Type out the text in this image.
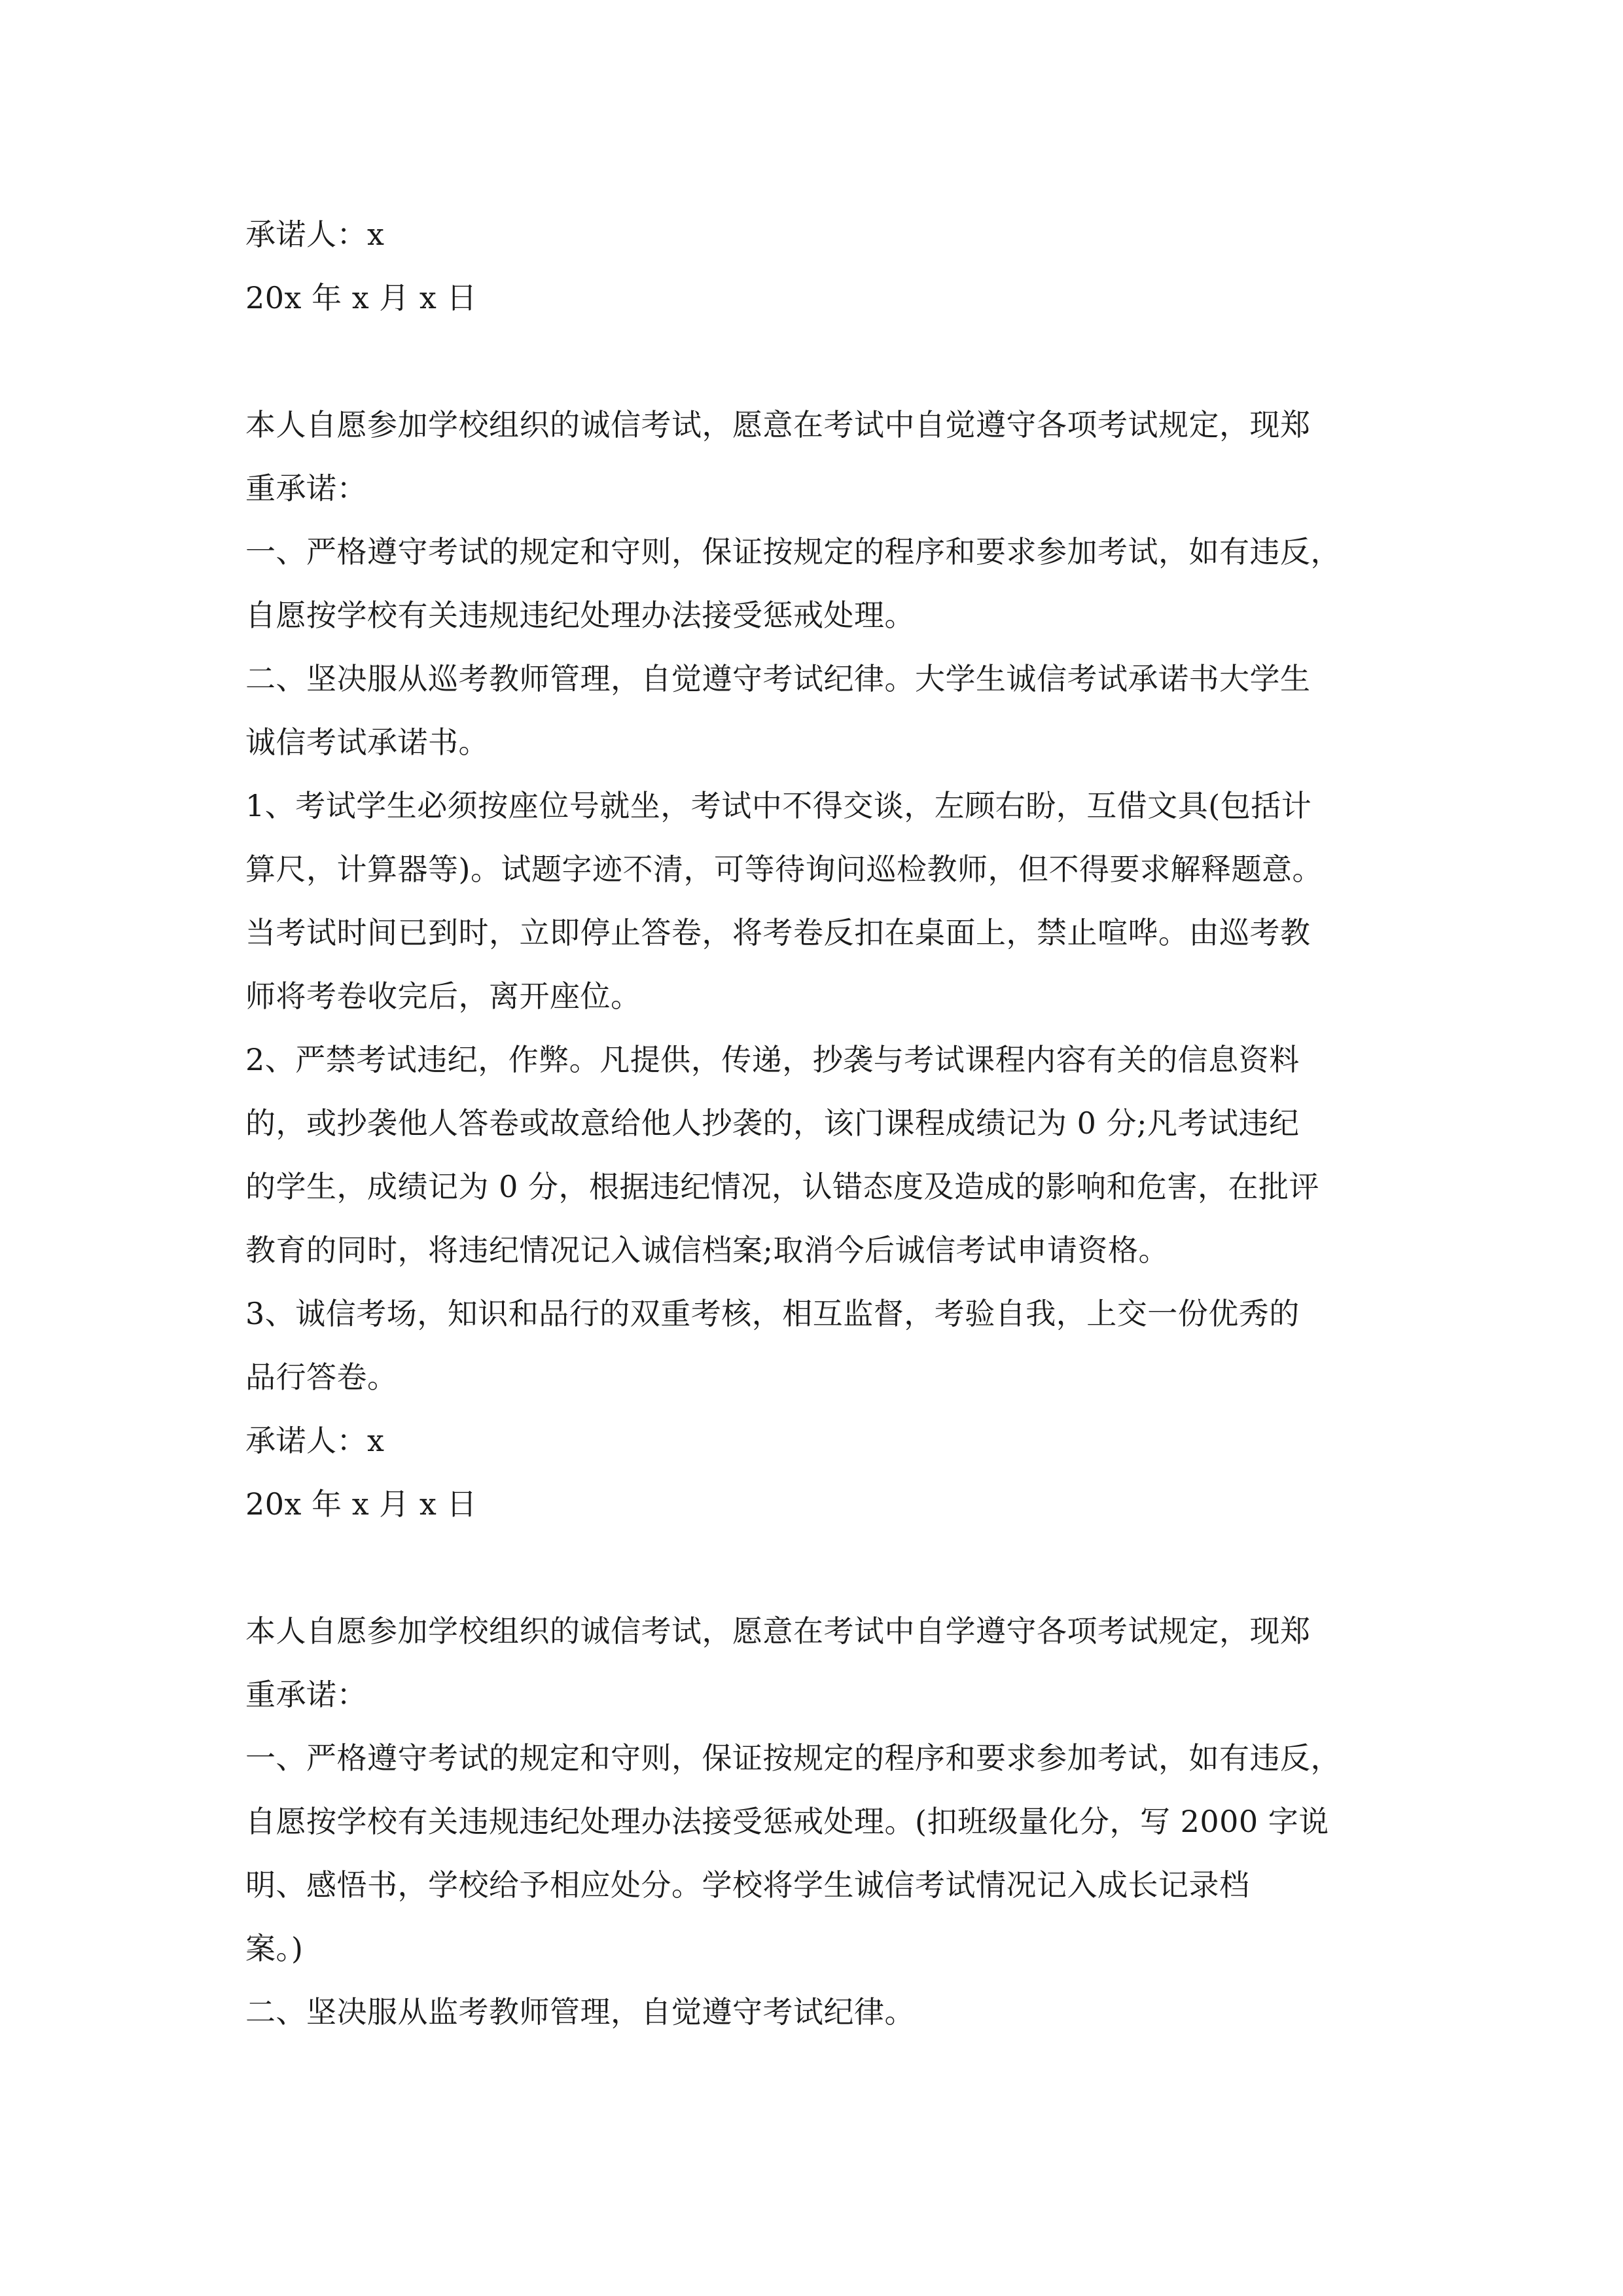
承诺人：x
20x 年 x 月 x 日
本人自愿参加学校组织的诚信考试，愿意在考试中自觉遵守各项考试规定，现郑
重承诺：
一、严格遵守考试的规定和守则，保证按规定的程序和要求参加考试，如有违反，
自愿按学校有关违规违纪处理办法接受惩戒处理。
二、坚决服从巡考教师管理，自觉遵守考试纪律。大学生诚信考试承诺书大学生
诚信考试承诺书。
1、考试学生必须按座位号就坐，考试中不得交谈，左顾右盼，互借文具(包括计
算尺，计算器等)。试题字迹不清，可等待询问巡检教师，但不得要求解释题意。
当考试时间已到时，立即停止答卷，将考卷反扣在桌面上，禁止喧哗。由巡考教
师将考卷收完后，离开座位。
2、严禁考试违纪，作弊。凡提供，传递，抄袭与考试课程内容有关的信息资料
的，或抄袭他人答卷或故意给他人抄袭的，该门课程成绩记为 0 分;凡考试违纪
的学生，成绩记为 0 分，根据违纪情况，认错态度及造成的影响和危害，在批评
教育的同时，将违纪情况记入诚信档案;取消今后诚信考试申请资格。
3、诚信考场，知识和品行的双重考核，相互监督，考验自我，上交一份优秀的
品行答卷。
承诺人：x
20x 年 x 月 x 日
本人自愿参加学校组织的诚信考试，愿意在考试中自学遵守各项考试规定，现郑
重承诺：
一、严格遵守考试的规定和守则，保证按规定的程序和要求参加考试，如有违反，
自愿按学校有关违规违纪处理办法接受惩戒处理。(扣班级量化分，写 2000 字说
明、感悟书，学校给予相应处分。学校将学生诚信考试情况记入成长记录档
案。)
二、坚决服从监考教师管理，自觉遵守考试纪律。
